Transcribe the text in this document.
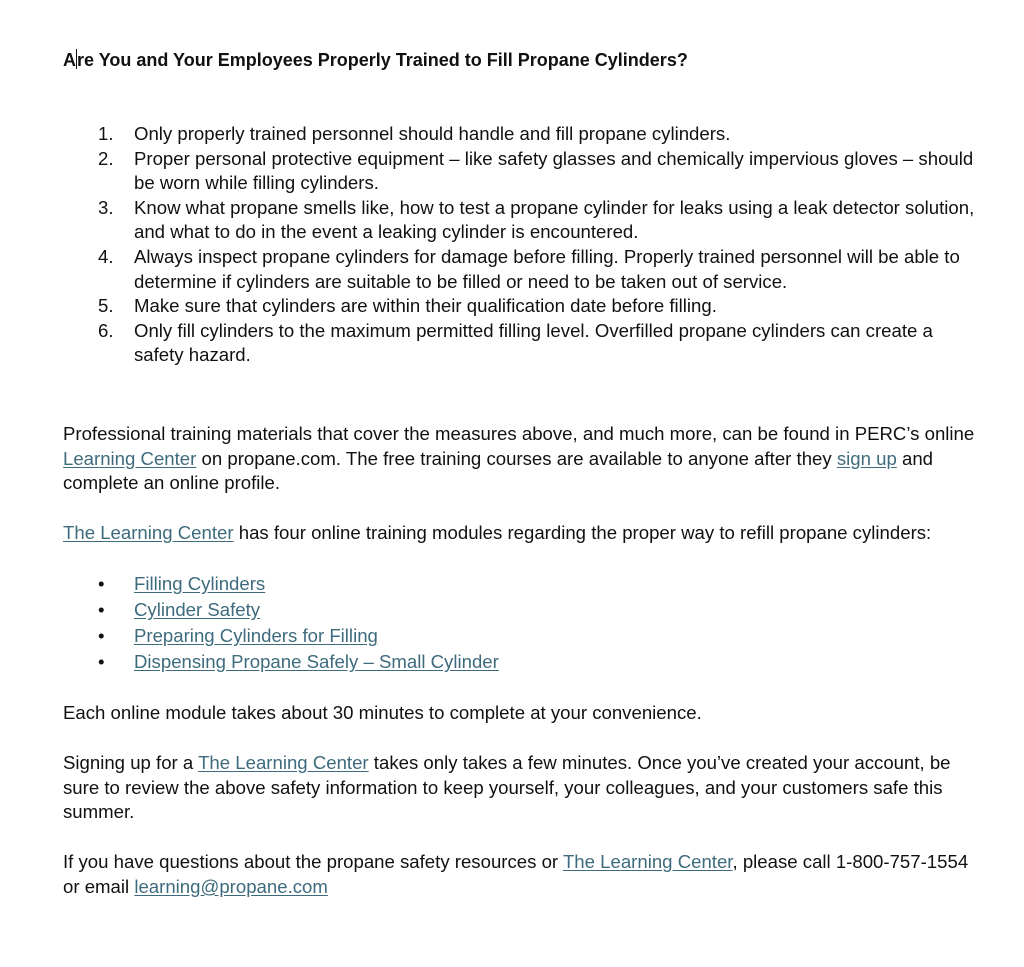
Are You and Your Employees Properly Trained to Fill Propane Cylinders?
1. Only properly trained personnel should handle and fill propane cylinders.
2. Proper personal protective equipment – like safety glasses and chemically impervious gloves – should be worn while filling cylinders.
3. Know what propane smells like, how to test a propane cylinder for leaks using a leak detector solution, and what to do in the event a leaking cylinder is encountered.
4. Always inspect propane cylinders for damage before filling. Properly trained personnel will be able to determine if cylinders are suitable to be filled or need to be taken out of service.
5. Make sure that cylinders are within their qualification date before filling.
6. Only fill cylinders to the maximum permitted filling level. Overfilled propane cylinders can create a safety hazard.

Professional training materials that cover the measures above, and much more, can be found in PERC’s online Learning Center on propane.com. The free training courses are available to anyone after they sign up and complete an online profile.

The Learning Center has four online training modules regarding the proper way to refill propane cylinders:

• Filling Cylinders
• Cylinder Safety
• Preparing Cylinders for Filling
• Dispensing Propane Safely – Small Cylinder

Each online module takes about 30 minutes to complete at your convenience.

Signing up for a The Learning Center takes only takes a few minutes. Once you’ve created your account, be sure to review the above safety information to keep yourself, your colleagues, and your customers safe this summer.

If you have questions about the propane safety resources or The Learning Center, please call 1-800-757-1554 or email learning@propane.com
